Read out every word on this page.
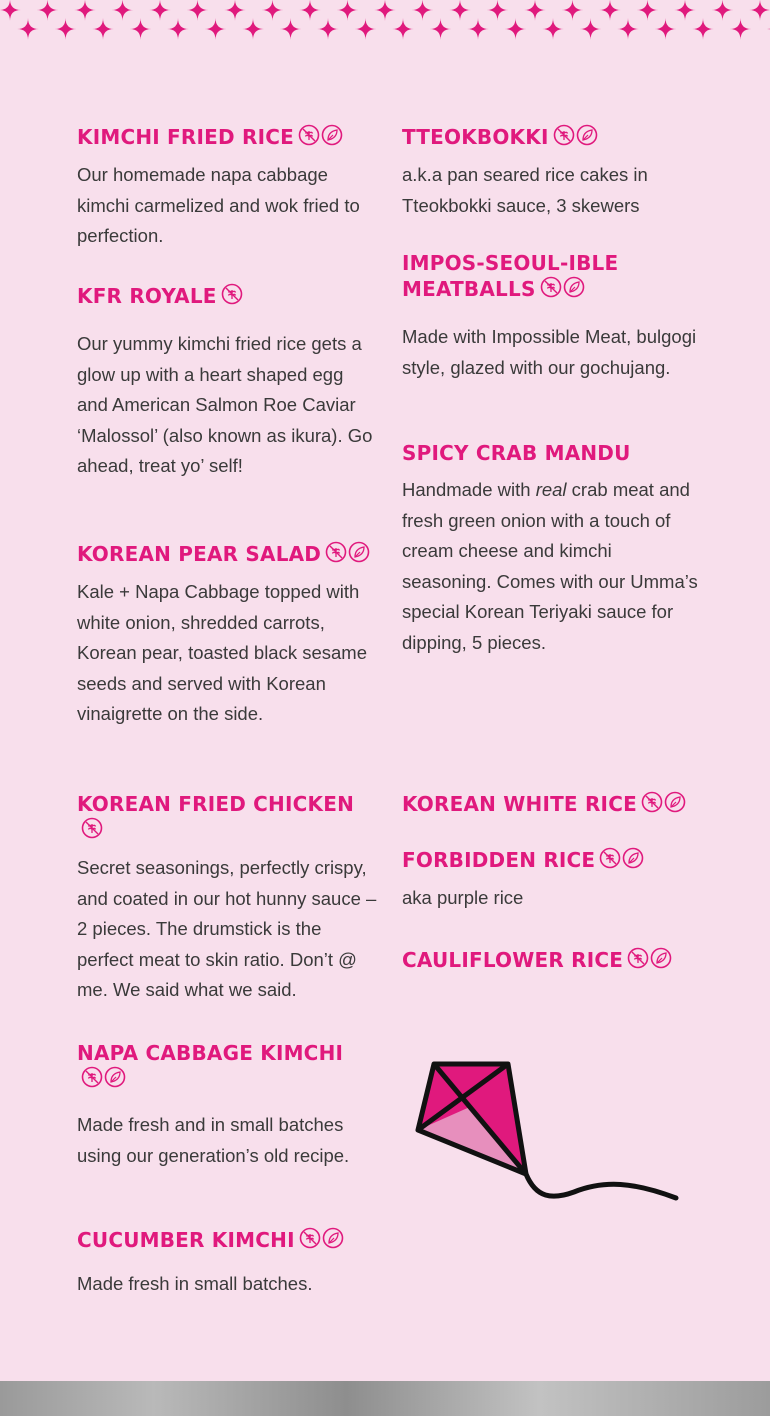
KIMCHI FRIED RICE

Our homemade napa cabbage kimchi carmelized and wok fried to perfection.

KFR ROYALE

Our yummy kimchi fried rice gets a glow up with a heart shaped egg and American Salmon Roe Caviar ‘Malossol’ (also known as ikura). Go ahead, treat yo’ self!

KOREAN PEAR SALAD

Kale + Napa Cabbage topped with white onion, shredded carrots, Korean pear, toasted black sesame seeds and served with Korean vinaigrette on the side.

KOREAN FRIED CHICKEN

Secret seasonings, perfectly crispy, and coated in our hot hunny sauce – 2 pieces. The drumstick is the perfect meat to skin ratio. Don’t @ me. We said what we said.

NAPA CABBAGE KIMCHI

Made fresh and in small batches using our generation’s old recipe.

CUCUMBER KIMCHI

Made fresh in small batches.

TTEOKBOKKI

a.k.a pan seared rice cakes in Tteokbokki sauce, 3 skewers

IMPOS-SEOUL-IBLE MEATBALLS

Made with Impossible Meat, bulgogi style, glazed with our gochujang.

SPICY CRAB MANDU

Handmade with real crab meat and fresh green onion with a touch of cream cheese and kimchi seasoning. Comes with our Umma’s special Korean Teriyaki sauce for dipping, 5 pieces.

KOREAN WHITE RICE
FORBIDDEN RICE

aka purple rice

CAULIFLOWER RICE
